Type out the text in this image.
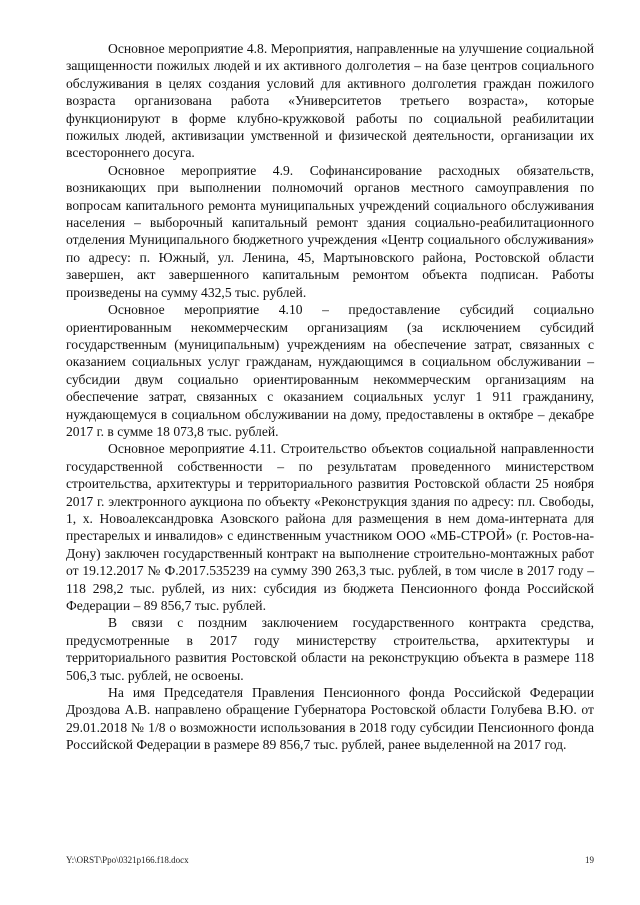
Основное мероприятие 4.8. Мероприятия, направленные на улучшение социальной защищенности пожилых людей и их активного долголетия – на базе центров социального обслуживания в целях создания условий для активного долголетия граждан пожилого возраста организована работа «Университетов третьего возраста», которые функционируют в форме клубно-кружковой работы по социальной реабилитации пожилых людей, активизации умственной и физической деятельности, организации их всестороннего досуга.

Основное мероприятие 4.9. Софинансирование расходных обязательств, возникающих при выполнении полномочий органов местного самоуправления по вопросам капитального ремонта муниципальных учреждений социального обслуживания населения – выборочный капитальный ремонт здания социально-реабилитационного отделения Муниципального бюджетного учреждения «Центр социального обслуживания» по адресу: п. Южный, ул. Ленина, 45, Мартыновского района, Ростовской области завершен, акт завершенного капитальным ремонтом объекта подписан. Работы произведены на сумму 432,5 тыс. рублей.

Основное мероприятие 4.10 – предоставление субсидий социально ориентированным некоммерческим организациям (за исключением субсидий государственным (муниципальным) учреждениям на обеспечение затрат, связанных с оказанием социальных услуг гражданам, нуждающимся в социальном обслуживании – субсидии двум социально ориентированным некоммерческим организациям на обеспечение затрат, связанных с оказанием социальных услуг 1 911 гражданину, нуждающемуся в социальном обслуживании на дому, предоставлены в октябре – декабре 2017 г. в сумме 18 073,8 тыс. рублей.

Основное мероприятие 4.11. Строительство объектов социальной направленности государственной собственности – по результатам проведенного министерством строительства, архитектуры и территориального развития Ростовской области 25 ноября 2017 г. электронного аукциона по объекту «Реконструкция здания по адресу: пл. Свободы, 1, х. Новоалександровка Азовского района для размещения в нем дома-интерната для престарелых и инвалидов» с единственным участником ООО «МБ-СТРОЙ» (г. Ростов-на-Дону) заключен государственный контракт на выполнение строительно-монтажных работ от 19.12.2017 № Ф.2017.535239 на сумму 390 263,3 тыс. рублей, в том числе в 2017 году – 118 298,2 тыс. рублей, из них: субсидия из бюджета Пенсионного фонда Российской Федерации – 89 856,7 тыс. рублей.

В связи с поздним заключением государственного контракта средства, предусмотренные в 2017 году министерству строительства, архитектуры и территориального развития Ростовской области на реконструкцию объекта в размере 118 506,3 тыс. рублей, не освоены.

На имя Председателя Правления Пенсионного фонда Российской Федерации Дроздова А.В. направлено обращение Губернатора Ростовской области Голубева В.Ю. от 29.01.2018 № 1/8 о возможности использования в 2018 году субсидии Пенсионного фонда Российской Федерации в размере 89 856,7 тыс. рублей, ранее выделенной на 2017 год.

Y:\ORST\Ppo\0321p166.f18.docx	19
